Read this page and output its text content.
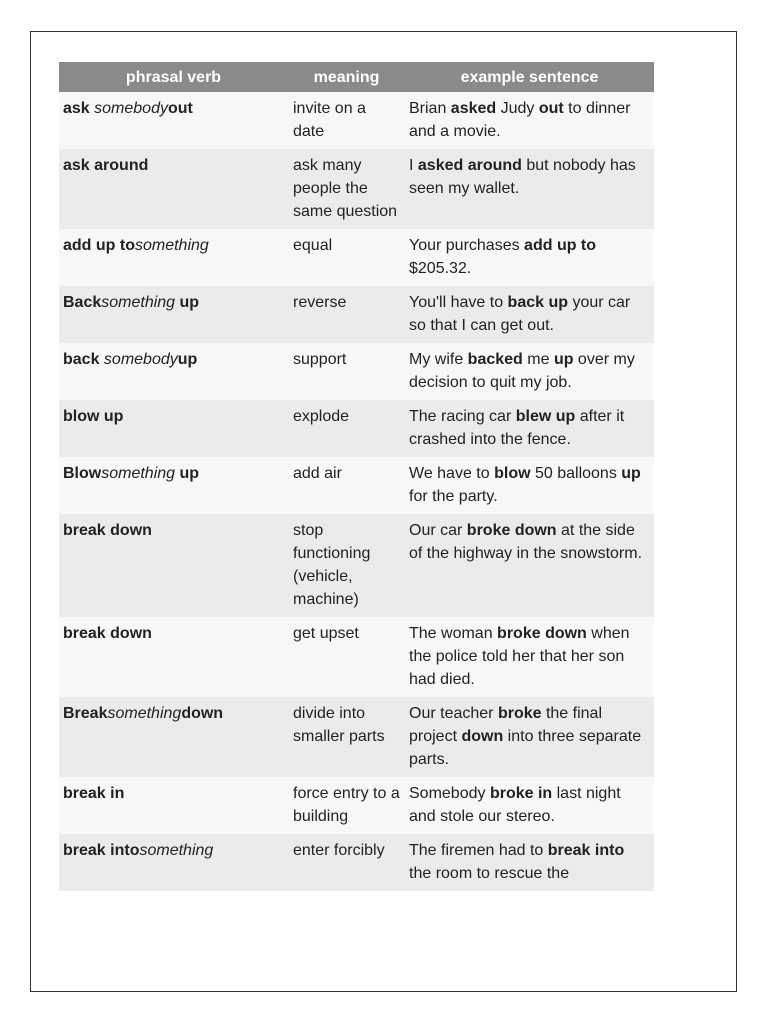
phrasal verb	meaning	example sentence
ask somebodyout	invite on a date	Brian asked Judy out to dinner and a movie.
ask around	ask many people the same question	I asked around but nobody has seen my wallet.
add up tosomething	equal	Your purchases add up to $205.32.
Backsomething up	reverse	You'll have to back up your car so that I can get out.
back somebodyup	support	My wife backed me up over my decision to quit my job.
blow up	explode	The racing car blew up after it crashed into the fence.
Blowsomething up	add air	We have to blow 50 balloons up for the party.
break down	stop functioning (vehicle, machine)	Our car broke down at the side of the highway in the snowstorm.
break down	get upset	The woman broke down when the police told her that her son had died.
Breaksomethingdown	divide into smaller parts	Our teacher broke the final project down into three separate parts.
break in	force entry to a building	Somebody broke in last night and stole our stereo.
break intosomething	enter forcibly	The firemen had to break into the room to rescue the
